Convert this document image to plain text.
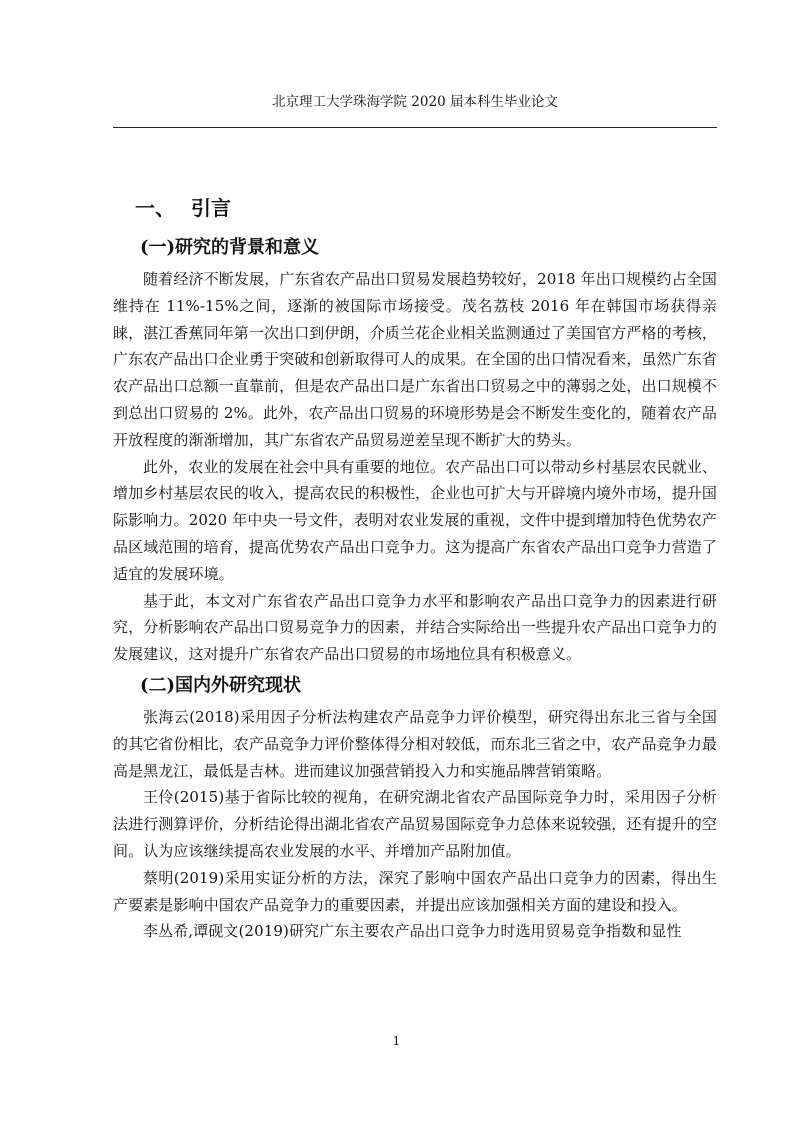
北京理工大学珠海学院 2020 届本科生毕业论文
一、 引言
(一)研究的背景和意义

随着经济不断发展，广东省农产品出口贸易发展趋势较好，2018 年出口规模约占全国维持在 11%-15%之间，逐渐的被国际市场接受。茂名荔枝 2016 年在韩国市场获得亲睐，湛江香蕉同年第一次出口到伊朗，介质兰花企业相关监测通过了美国官方严格的考核，广东农产品出口企业勇于突破和创新取得可人的成果。在全国的出口情况看来，虽然广东省农产品出口总额一直靠前，但是农产品出口是广东省出口贸易之中的薄弱之处，出口规模不到总出口贸易的 2%。此外，农产品出口贸易的环境形势是会不断发生变化的，随着农产品开放程度的渐渐增加，其广东省农产品贸易逆差呈现不断扩大的势头。

此外，农业的发展在社会中具有重要的地位。农产品出口可以带动乡村基层农民就业、增加乡村基层农民的收入，提高农民的积极性，企业也可扩大与开辟境内境外市场，提升国际影响力。2020 年中央一号文件，表明对农业发展的重视，文件中提到增加特色优势农产品区域范围的培育，提高优势农产品出口竞争力。这为提高广东省农产品出口竞争力营造了适宜的发展环境。

基于此，本文对广东省农产品出口竞争力水平和影响农产品出口竞争力的因素进行研究，分析影响农产品出口贸易竞争力的因素，并结合实际给出一些提升农产品出口竞争力的发展建议，这对提升广东省农产品出口贸易的市场地位具有积极意义。

(二)国内外研究现状

张海云(2018)采用因子分析法构建农产品竞争力评价模型，研究得出东北三省与全国的其它省份相比，农产品竞争力评价整体得分相对较低，而东北三省之中，农产品竞争力最高是黑龙江，最低是吉林。进而建议加强营销投入力和实施品牌营销策略。

王伶(2015)基于省际比较的视角，在研究湖北省农产品国际竞争力时，采用因子分析法进行测算评价，分析结论得出湖北省农产品贸易国际竞争力总体来说较强，还有提升的空间。认为应该继续提高农业发展的水平、并增加产品附加值。

蔡明(2019)采用实证分析的方法，深究了影响中国农产品出口竞争力的因素，得出生产要素是影响中国农产品竞争力的重要因素，并提出应该加强相关方面的建设和投入。

李丛希,谭砚文(2019)研究广东主要农产品出口竞争力时选用贸易竞争指数和显性

1
